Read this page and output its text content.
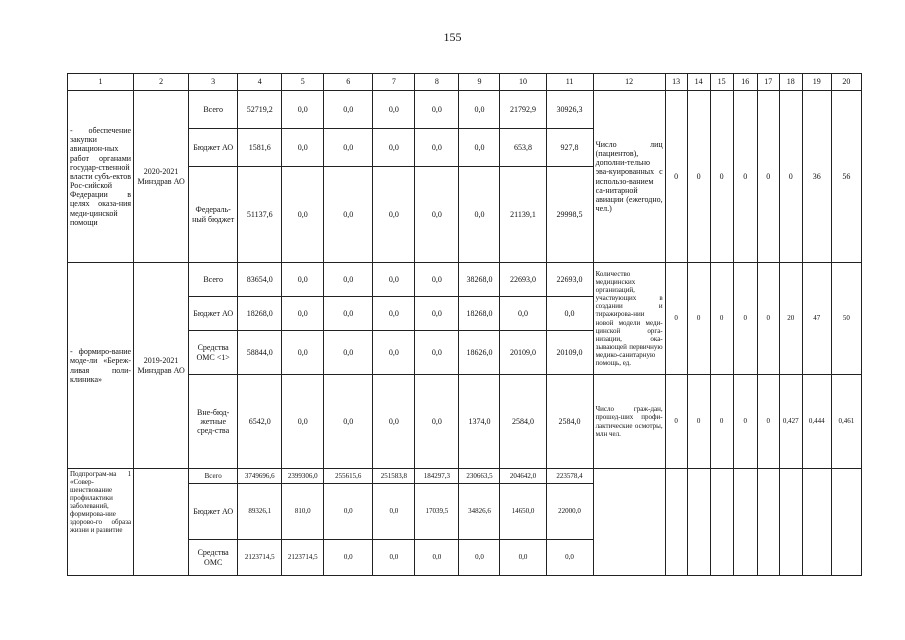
155
1	2	3	4	5	6	7	8	9	10	11	12	13	14	15	16	17	18	19	20
- обеспечение закупки авиацион-ных работ органами государ-ственной власти субъ-ектов Рос-сийской Федерации в целях оказа-ния меди-цинской помощи	2020-2021 Минздрав АО	Всего	52719,2	0,0	0,0	0,0	0,0	0,0	21792,9	30926,3	Число лиц (пациентов), дополни-тельно эва-куированных с использо-ванием са-нитарной авиации (ежегодно, чел.)	0	0	0	0	0	0	36	56
		Бюджет АО	1581,6	0,0	0,0	0,0	0,0	0,0	653,8	927,8									
		Федераль-ный бюджет	51137,6	0,0	0,0	0,0	0,0	0,0	21139,1	29998,5									
- формиро-вание моде-ли «Береж-ливая поли-клиника»	2019-2021 Минздрав АО	Всего	83654,0	0,0	0,0	0,0	0,0	38268,0	22693,0	22693,0	Количество медицинских организаций, участвующих в создании и тиражирова-нии новой модели меди-цинской орга-низации, ока-зывающей первичную медико-санитарную помощь, ед.	0	0	0	0	0	20	47	50
		Бюджет АО	18268,0	0,0	0,0	0,0	0,0	18268,0	0,0	0,0									
		Средства ОМС <1>	58844,0	0,0	0,0	0,0	0,0	18626,0	20109,0	20109,0									
		Вне-бюд-жетные сред-ства	6542,0	0,0	0,0	0,0	0,0	1374,0	2584,0	2584,0	Число граж-дан, прошед-ших профи-лактические осмотры, млн чел.	0	0	0	0	0	0,427	0,444	0,461
Подпрограм-ма 1 «Совер-шенствование профилактики заболеваний, формирова-ние здорово-го образа жизни и развитие		Всего	3749696,6	2399306,0	255615,6	251583,8	184297,3	230663,5	204642,0	223578,4									
		Бюджет АО	89326,1	810,0	0,0	0,0	17039,5	34826,6	14650,0	22000,0									
		Средства ОМС	2123714,5	2123714,5	0,0	0,0	0,0	0,0	0,0	0,0									
